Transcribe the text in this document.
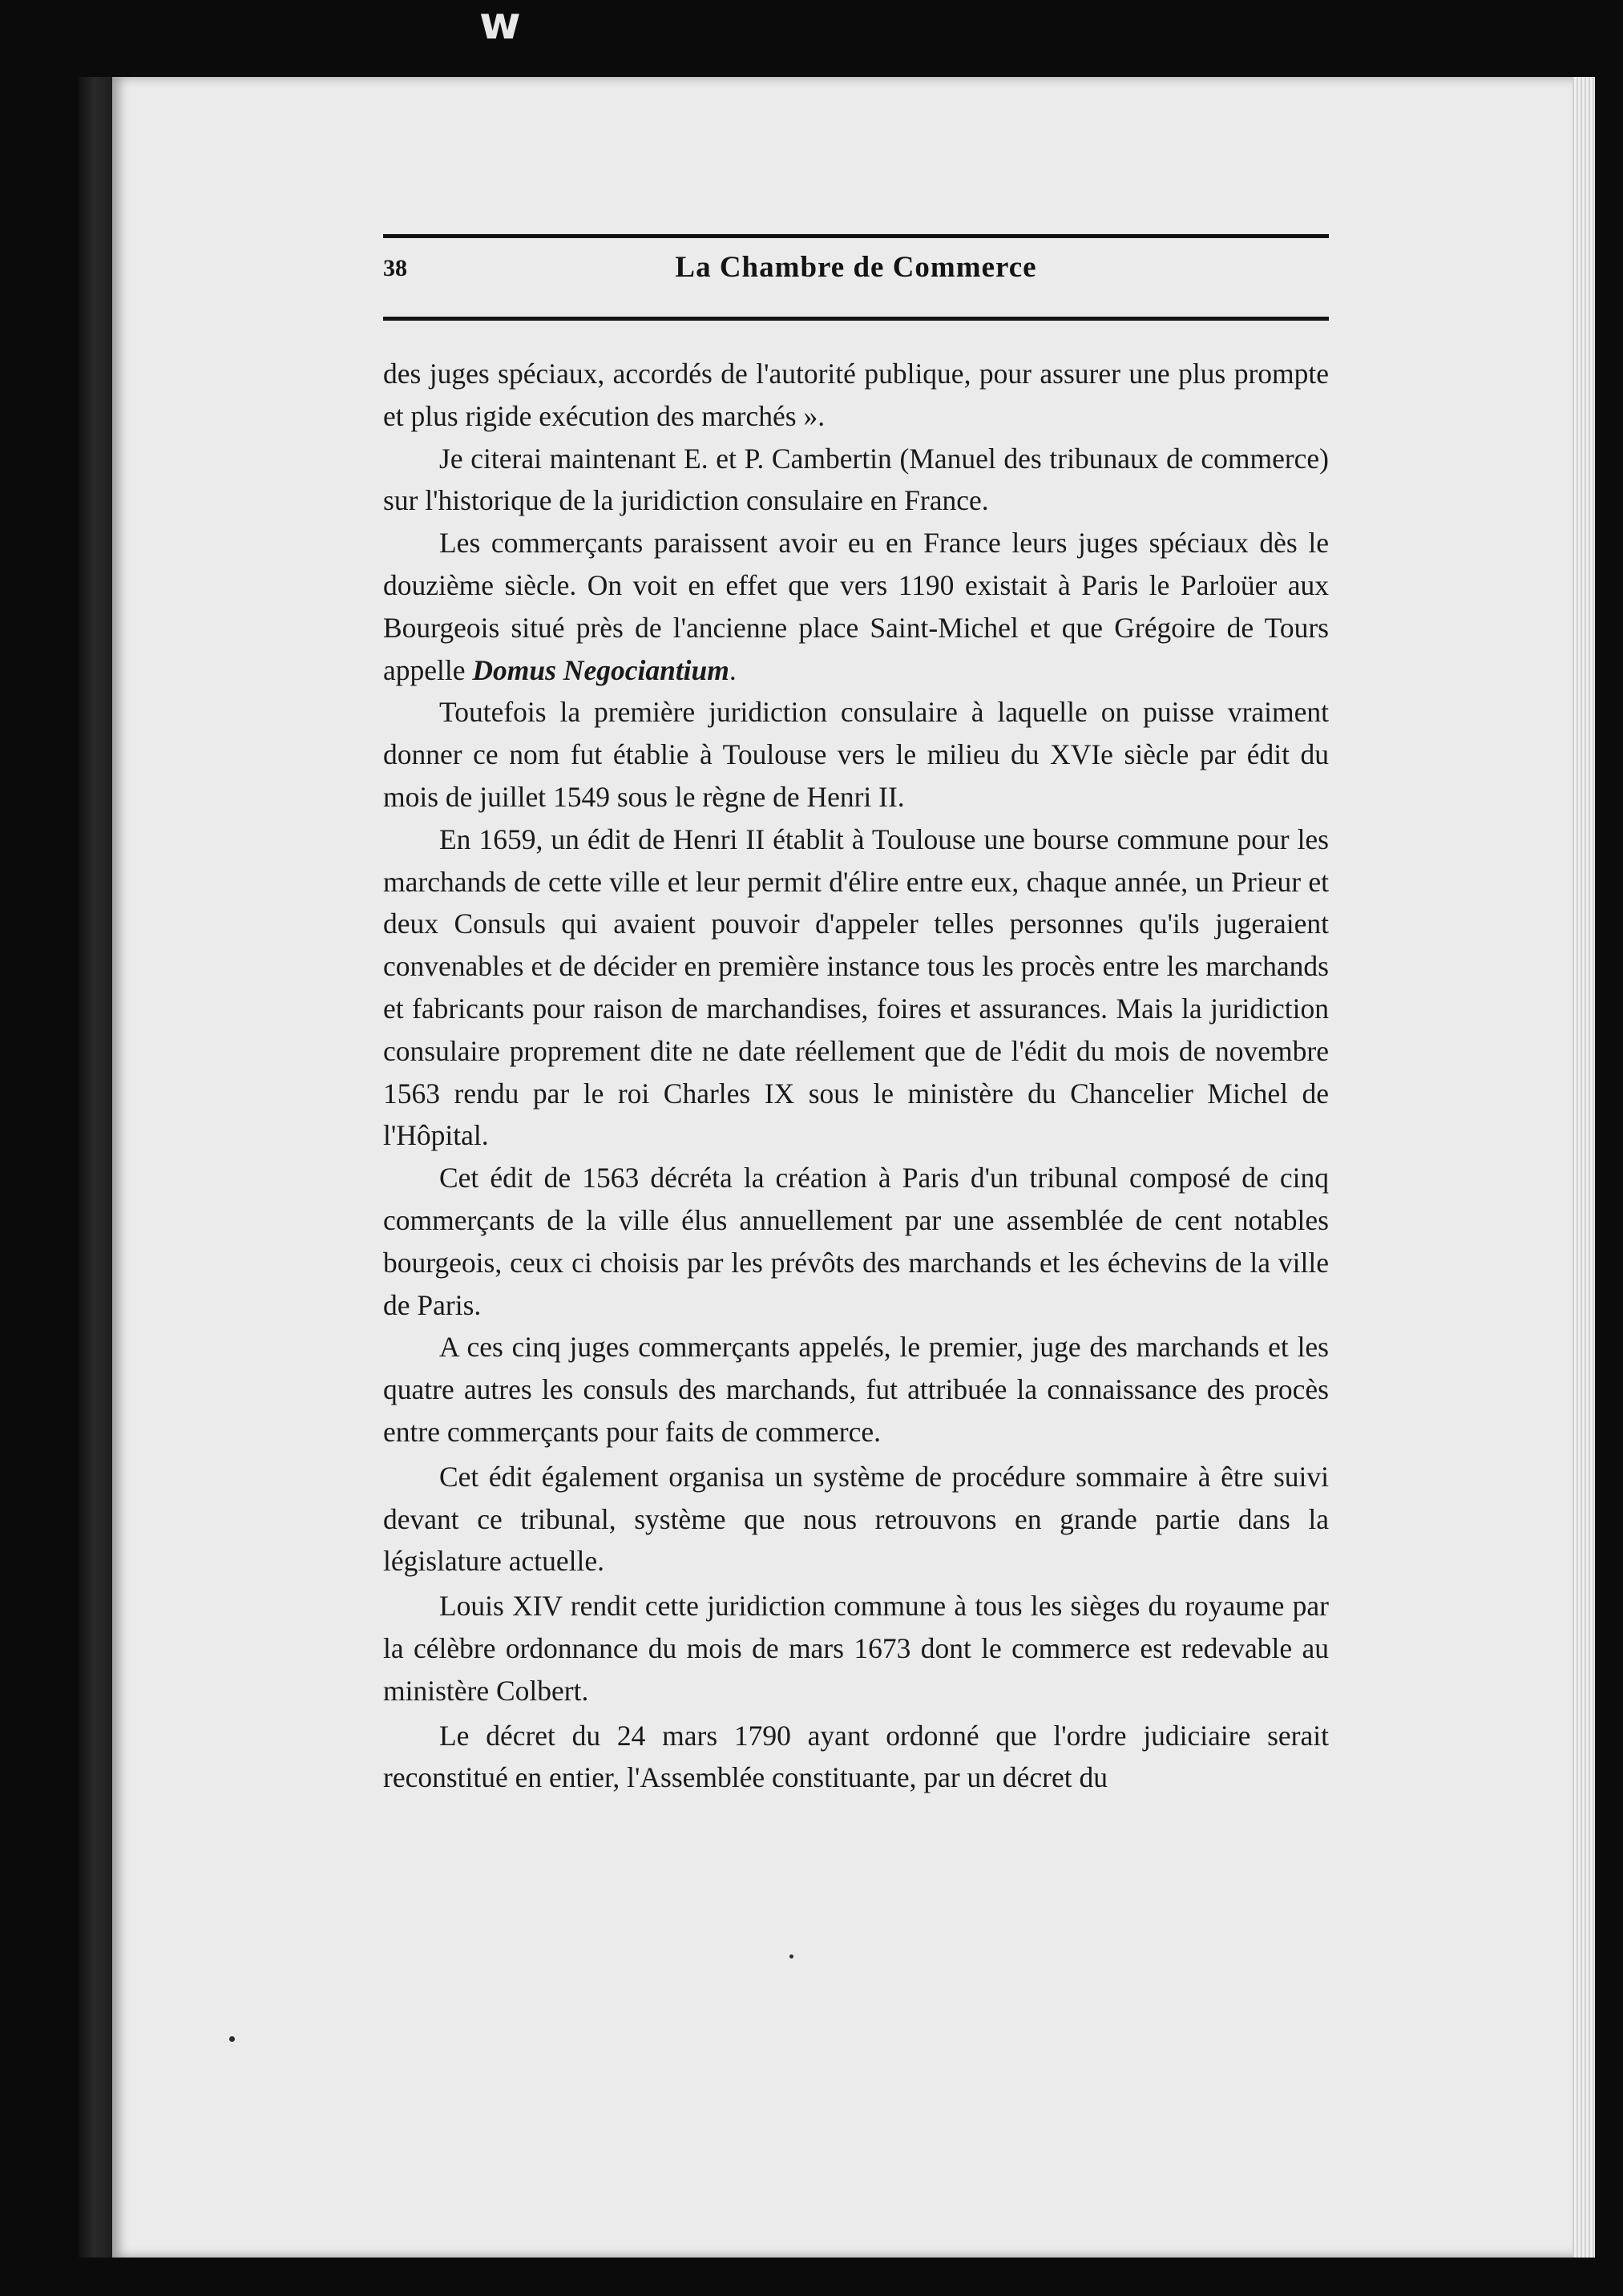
ᴡ
38	La Chambre de Commerce

des juges spéciaux, accordés de l'autorité publique, pour assurer une plus prompte et plus rigide exécution des marchés ».

Je citerai maintenant E. et P. Cambertin (Manuel des tribunaux de commerce) sur l'historique de la juridiction consulaire en France.

Les commerçants paraissent avoir eu en France leurs juges spéciaux dès le douzième siècle. On voit en effet que vers 1190 existait à Paris le Parloüer aux Bourgeois situé près de l'ancienne place Saint-Michel et que Grégoire de Tours appelle Domus Negociantium.

Toutefois la première juridiction consulaire à laquelle on puisse vraiment donner ce nom fut établie à Toulouse vers le milieu du XVIe siècle par édit du mois de juillet 1549 sous le règne de Henri II.

En 1659, un édit de Henri II établit à Toulouse une bourse commune pour les marchands de cette ville et leur permit d'élire entre eux, chaque année, un Prieur et deux Consuls qui avaient pouvoir d'appeler telles personnes qu'ils jugeraient convenables et de décider en première instance tous les procès entre les marchands et fabricants pour raison de marchandises, foires et assurances. Mais la juridiction consulaire proprement dite ne date réellement que de l'édit du mois de novembre 1563 rendu par le roi Charles IX sous le ministère du Chancelier Michel de l'Hôpital.

Cet édit de 1563 décréta la création à Paris d'un tribunal composé de cinq commerçants de la ville élus annuellement par une assemblée de cent notables bourgeois, ceux ci choisis par les prévôts des marchands et les échevins de la ville de Paris.

A ces cinq juges commerçants appelés, le premier, juge des marchands et les quatre autres les consuls des marchands, fut attribuée la connaissance des procès entre commerçants pour faits de commerce.

Cet édit également organisa un système de procédure sommaire à être suivi devant ce tribunal, système que nous retrouvons en grande partie dans la législature actuelle.

Louis XIV rendit cette juridiction commune à tous les sièges du royaume par la célèbre ordonnance du mois de mars 1673 dont le commerce est redevable au ministère Colbert.

Le décret du 24 mars 1790 ayant ordonné que l'ordre judiciaire serait reconstitué en entier, l'Assemblée constituante, par un décret du
